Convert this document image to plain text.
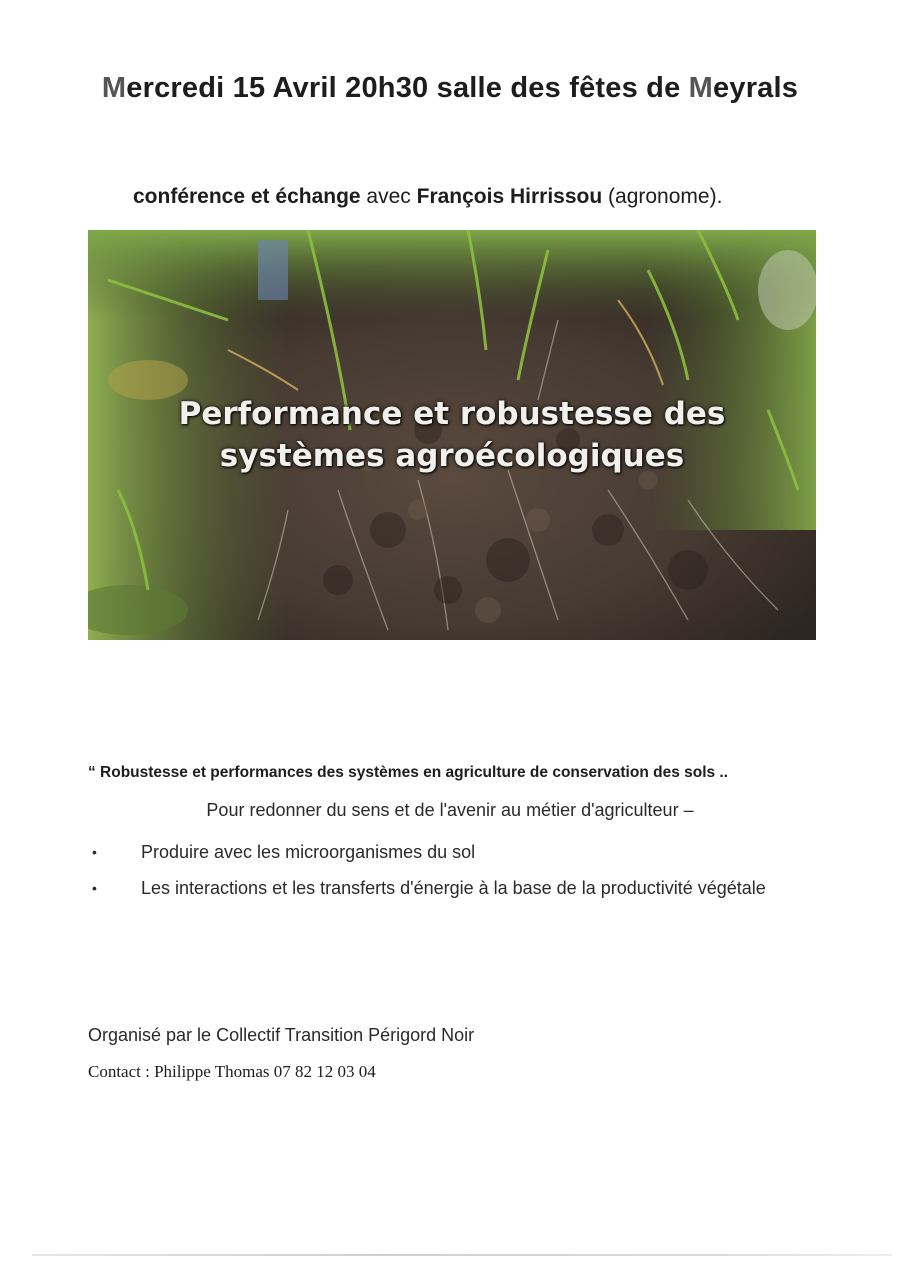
Mercredi 15 Avril 20h30 salle des fêtes de Meyrals
conférence et échange avec François Hirrissou (agronome).
Performance et robustesse des
systèmes agroécologiques
“ Robustesse et performances des systèmes en agriculture de conservation des sols ..
Pour redonner du sens et de l'avenir au métier d'agriculteur –
• Produire avec les microorganismes du sol
• Les interactions et les transferts d'énergie à la base de la productivité végétale
Organisé par le Collectif Transition Périgord Noir
Contact : Philippe Thomas 07 82 12 03 04
